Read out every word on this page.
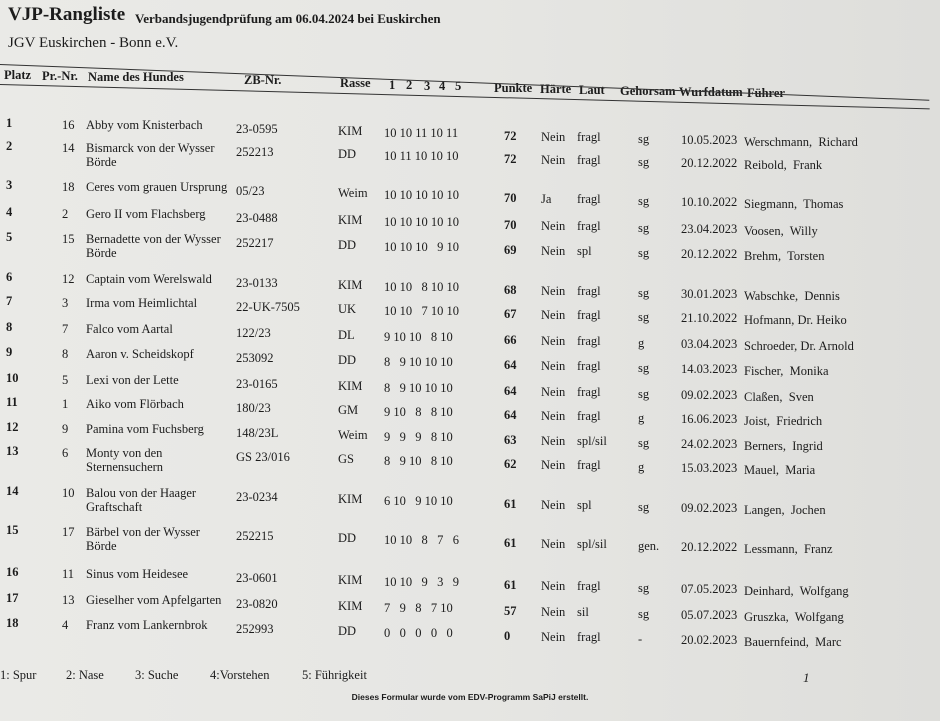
VJP-Rangliste Verbandsjugendprüfung am 06.04.2024 bei Euskirchen
JGV Euskirchen - Bonn e.V.
Platz Pr.-Nr. Name des Hundes	ZB-Nr.	Rasse 1 2 3 4 5	Punkte Härte Laut Gehorsam Wurfdatum Führer
1	16 Abby vom Knisterbach	23-0595	KIM 10 10 11 10 11	72 Nein fragl	sg	10.05.2023 Werschmann,  Richard
2	14 Bismarck von der Wysser
Börde
252213	DD 10 11 10 10 10	72 Nein fragl	sg	20.12.2022 Reibold,  Frank
3	18 Ceres vom grauen Ursprung 05/23	Weim 10 10 10 10 10	70 Ja fragl	sg	10.10.2022 Siegmann,  Thomas
4	2 Gero II vom Flachsberg 23-0488	KIM 10 10 10 10 10	70 Nein fragl	sg	23.04.2023 Voosen,  Willy
5	15 Bernadette von der Wysser
Börde
252217	DD 10 10 10   9 10	69 Nein spl	sg	20.12.2022 Brehm,  Torsten
6	12 Captain vom Werelswald 23-0133	KIM 10 10   8 10 10	68 Nein fragl	sg	30.01.2023 Wabschke,  Dennis
7	3 Irma vom Heimlichtal	22-UK-7505	UK 10 10   7 10 10	67 Nein fragl	sg	21.10.2022 Hofmann, Dr. Heiko
8	7 Falco vom Aartal	122/23	DL 9 10 10   8 10	66 Nein fragl	g	03.04.2023 Schroeder, Dr. Arnold
9	8 Aaron v. Scheidskopf	253092	DD 8   9 10 10 10	64 Nein fragl	sg	14.03.2023 Fischer,  Monika
10	5 Lexi von der Lette	23-0165	KIM 8   9 10 10 10	64 Nein fragl	sg	09.02.2023 Claßen,  Sven
11	1 Aiko vom Flörbach	180/23	GM 9 10   8   8 10	64 Nein fragl	g	16.06.2023 Joist,  Friedrich
12	9 Pamina vom Fuchsberg	148/23L	Weim 9   9   9   8 10	63 Nein spl/sil sg	24.02.2023 Berners,  Ingrid
13	6 Monty von den
Sternensuchern
GS 23/016	GS 8   9 10   8 10	62 Nein fragl	g	15.03.2023 Mauel,  Maria
14	10 Balou von der Haager
Graftschaft
23-0234	KIM 6 10   9 10 10	61 Nein spl	sg	09.02.2023 Langen,  Jochen
15	17 Bärbel von der Wysser
Börde
252215	DD 10 10   8   7   6	61 Nein spl/sil gen. 20.12.2022 Lessmann,  Franz
16	11 Sinus vom Heidesee	23-0601	KIM 10 10   9   3   9	61 Nein fragl	sg	07.05.2023 Deinhard,  Wolfgang
17	13 Gieselher vom Apfelgarten 23-0820	KIM 7   9   8   7 10	57 Nein sil	sg	05.07.2023 Gruszka,  Wolfgang
18	4 Franz vom Lankernbrok 252993	DD 0   0   0   0   0	0 Nein fragl	-	20.02.2023 Bauernfeind,  Marc
1: Spur 2: Nase 3: Suche	4:Vorstehen	5: Führigkeit	1
Dieses Formular wurde vom EDV-Programm SaPiJ erstellt.
